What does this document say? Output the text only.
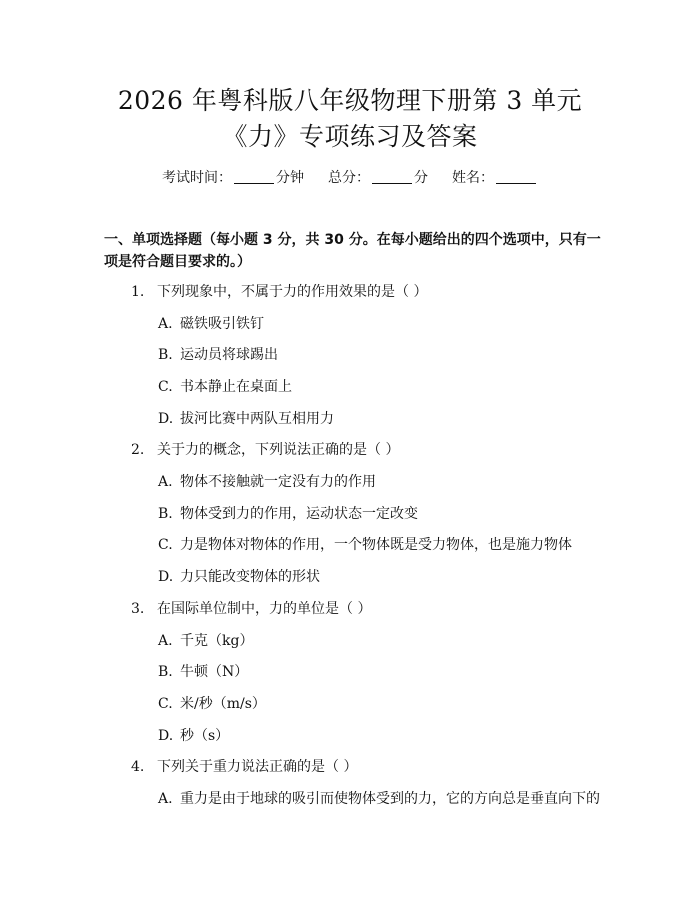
2026 年粤科版八年级物理下册第 3 单元
《力》专项练习及答案
考试时间：	分钟 总分：	分 姓名：
一、单项选择题（每小题 3 分，共 30 分。在每小题给出的四个选项中，只有一项是符合题目要求的。）
1. 下列现象中，不属于力的作用效果的是（ ）
A. 磁铁吸引铁钉
B. 运动员将球踢出
C. 书本静止在桌面上
D. 拔河比赛中两队互相用力
2. 关于力的概念，下列说法正确的是（ ）
A. 物体不接触就一定没有力的作用
B. 物体受到力的作用，运动状态一定改变
C. 力是物体对物体的作用，一个物体既是受力物体，也是施力物体
D. 力只能改变物体的形状
3. 在国际单位制中，力的单位是（ ）
A. 千克（kg）
B. 牛顿（N）
C. 米/秒（m/s）
D. 秒（s）
4. 下列关于重力说法正确的是（ ）
A. 重力是由于地球的吸引而使物体受到的力，它的方向总是垂直向下的
